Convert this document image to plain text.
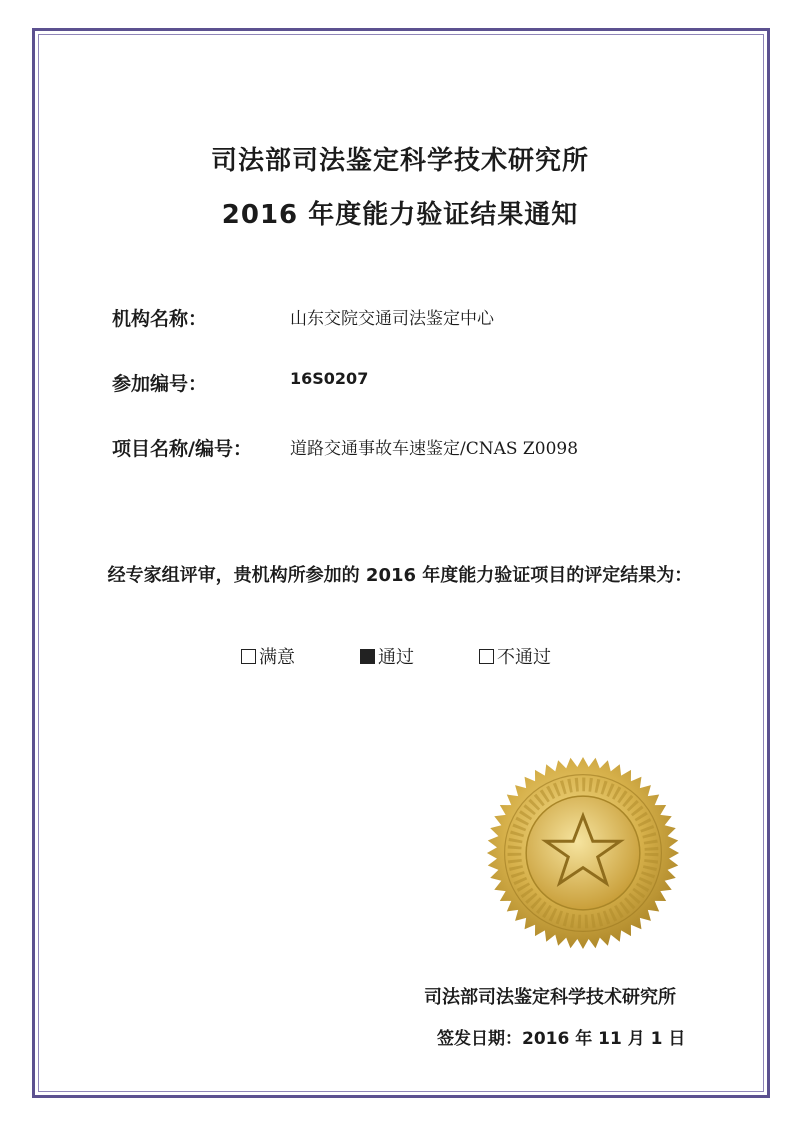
司法部司法鉴定科学技术研究所
2016 年度能力验证结果通知
机构名称：	山东交院交通司法鉴定中心
参加编号：	16S0207
项目名称/编号： 道路交通事故车速鉴定/CNAS Z0098
经专家组评审，贵机构所参加的 2016 年度能力验证项目的评定结果为：
满意	通过	不通过
司法部司法鉴定科学技术研究所
签发日期： 2016 年 11 月 1 日
